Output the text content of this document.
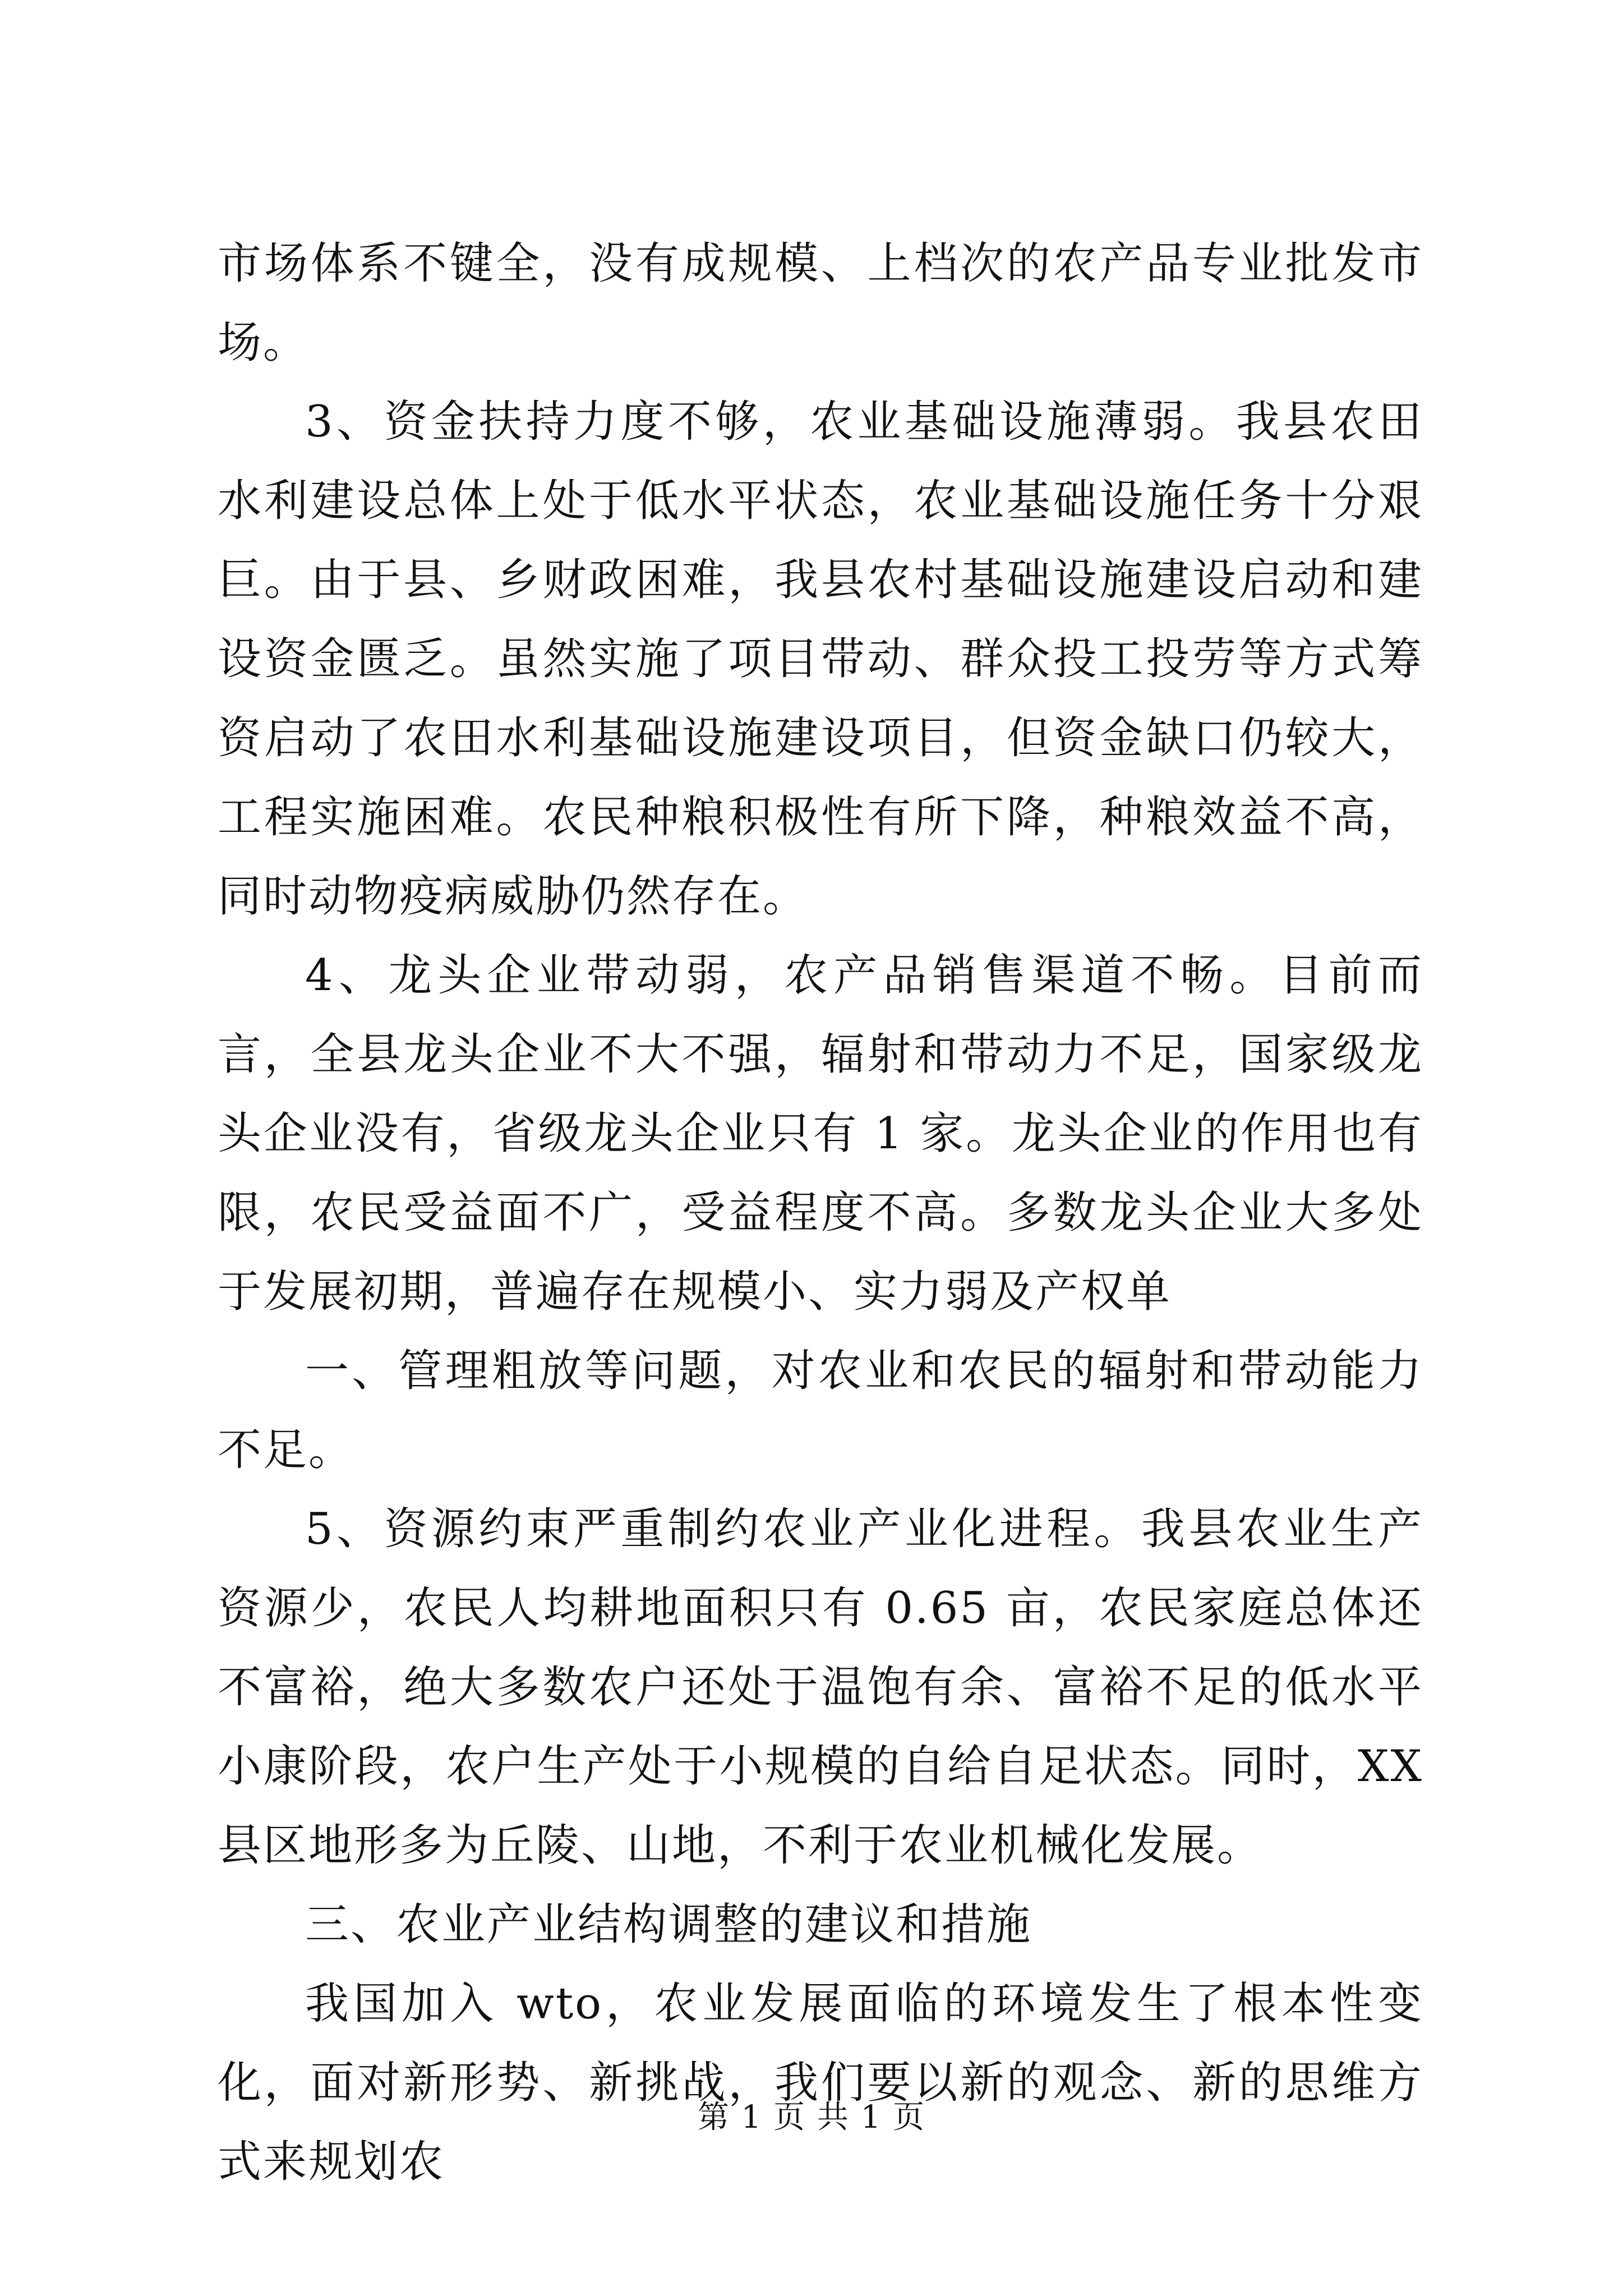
市场体系不键全，没有成规模、上档次的农产品专业批发市场。

3、资金扶持力度不够，农业基础设施薄弱。我县农田水利建设总体上处于低水平状态，农业基础设施任务十分艰巨。由于县、乡财政困难，我县农村基础设施建设启动和建设资金匮乏。虽然实施了项目带动、群众投工投劳等方式筹资启动了农田水利基础设施建设项目，但资金缺口仍较大，工程实施困难。农民种粮积极性有所下降，种粮效益不高，同时动物疫病威胁仍然存在。

4、龙头企业带动弱，农产品销售渠道不畅。目前而言，全县龙头企业不大不强，辐射和带动力不足，国家级龙头企业没有，省级龙头企业只有 1 家。龙头企业的作用也有限，农民受益面不广，受益程度不高。多数龙头企业大多处于发展初期，普遍存在规模小、实力弱及产权单

一、管理粗放等问题，对农业和农民的辐射和带动能力不足。

5、资源约束严重制约农业产业化进程。我县农业生产资源少，农民人均耕地面积只有 0.65 亩，农民家庭总体还不富裕，绝大多数农户还处于温饱有余、富裕不足的低水平小康阶段，农户生产处于小规模的自给自足状态。同时，XX 县区地形多为丘陵、山地，不利于农业机械化发展。

三、农业产业结构调整的建议和措施

我国加入 wto，农业发展面临的环境发生了根本性变化，面对新形势、新挑战，我们要以新的观念、新的思维方式来规划农

第 1 页 共 1 页
